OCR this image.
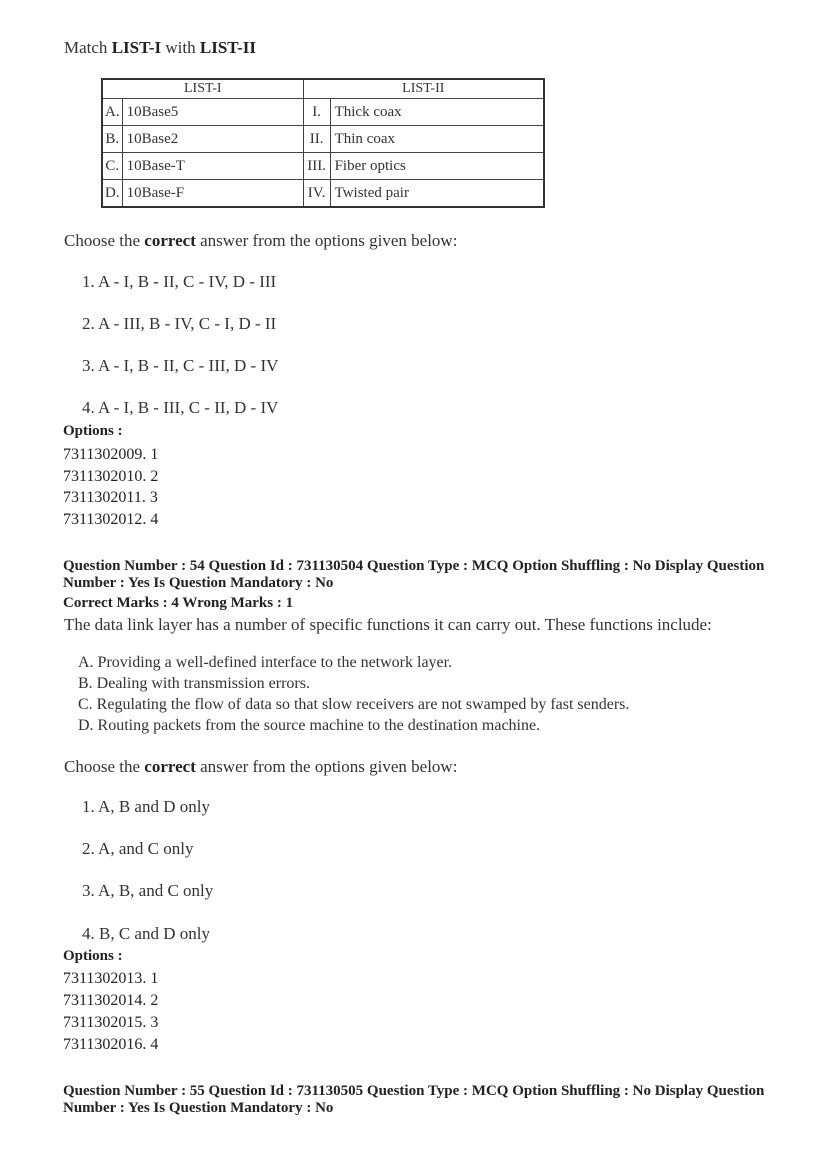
Match LIST-I with LIST-II
LIST-I		LIST-II	
A.	10Base5	I.	Thick coax
B.	10Base2	II.	Thin coax
C.	10Base-T	III.	Fiber optics
D.	10Base-F	IV.	Twisted pair
Choose the correct answer from the options given below:
1. A - I, B - II, C - IV, D - III
2. A - III, B - IV, C - I, D - II
3. A - I, B - II, C - III, D - IV
4. A - I, B - III, C - II, D - IV
Options :
7311302009. 1
7311302010. 2
7311302011. 3
7311302012. 4
Question Number : 54 Question Id : 731130504 Question Type : MCQ Option Shuffling : No Display Question
Number : Yes Is Question Mandatory : No
Correct Marks : 4 Wrong Marks : 1
The data link layer has a number of specific functions it can carry out. These functions include:
A. Providing a well-defined interface to the network layer.
B. Dealing with transmission errors.
C. Regulating the flow of data so that slow receivers are not swamped by fast senders.
D. Routing packets from the source machine to the destination machine.
Choose the correct answer from the options given below:
1. A, B and D only
2. A, and C only
3. A, B, and C only
4. B, C and D only
Options :
7311302013. 1
7311302014. 2
7311302015. 3
7311302016. 4
Question Number : 55 Question Id : 731130505 Question Type : MCQ Option Shuffling : No Display Question
Number : Yes Is Question Mandatory : No
